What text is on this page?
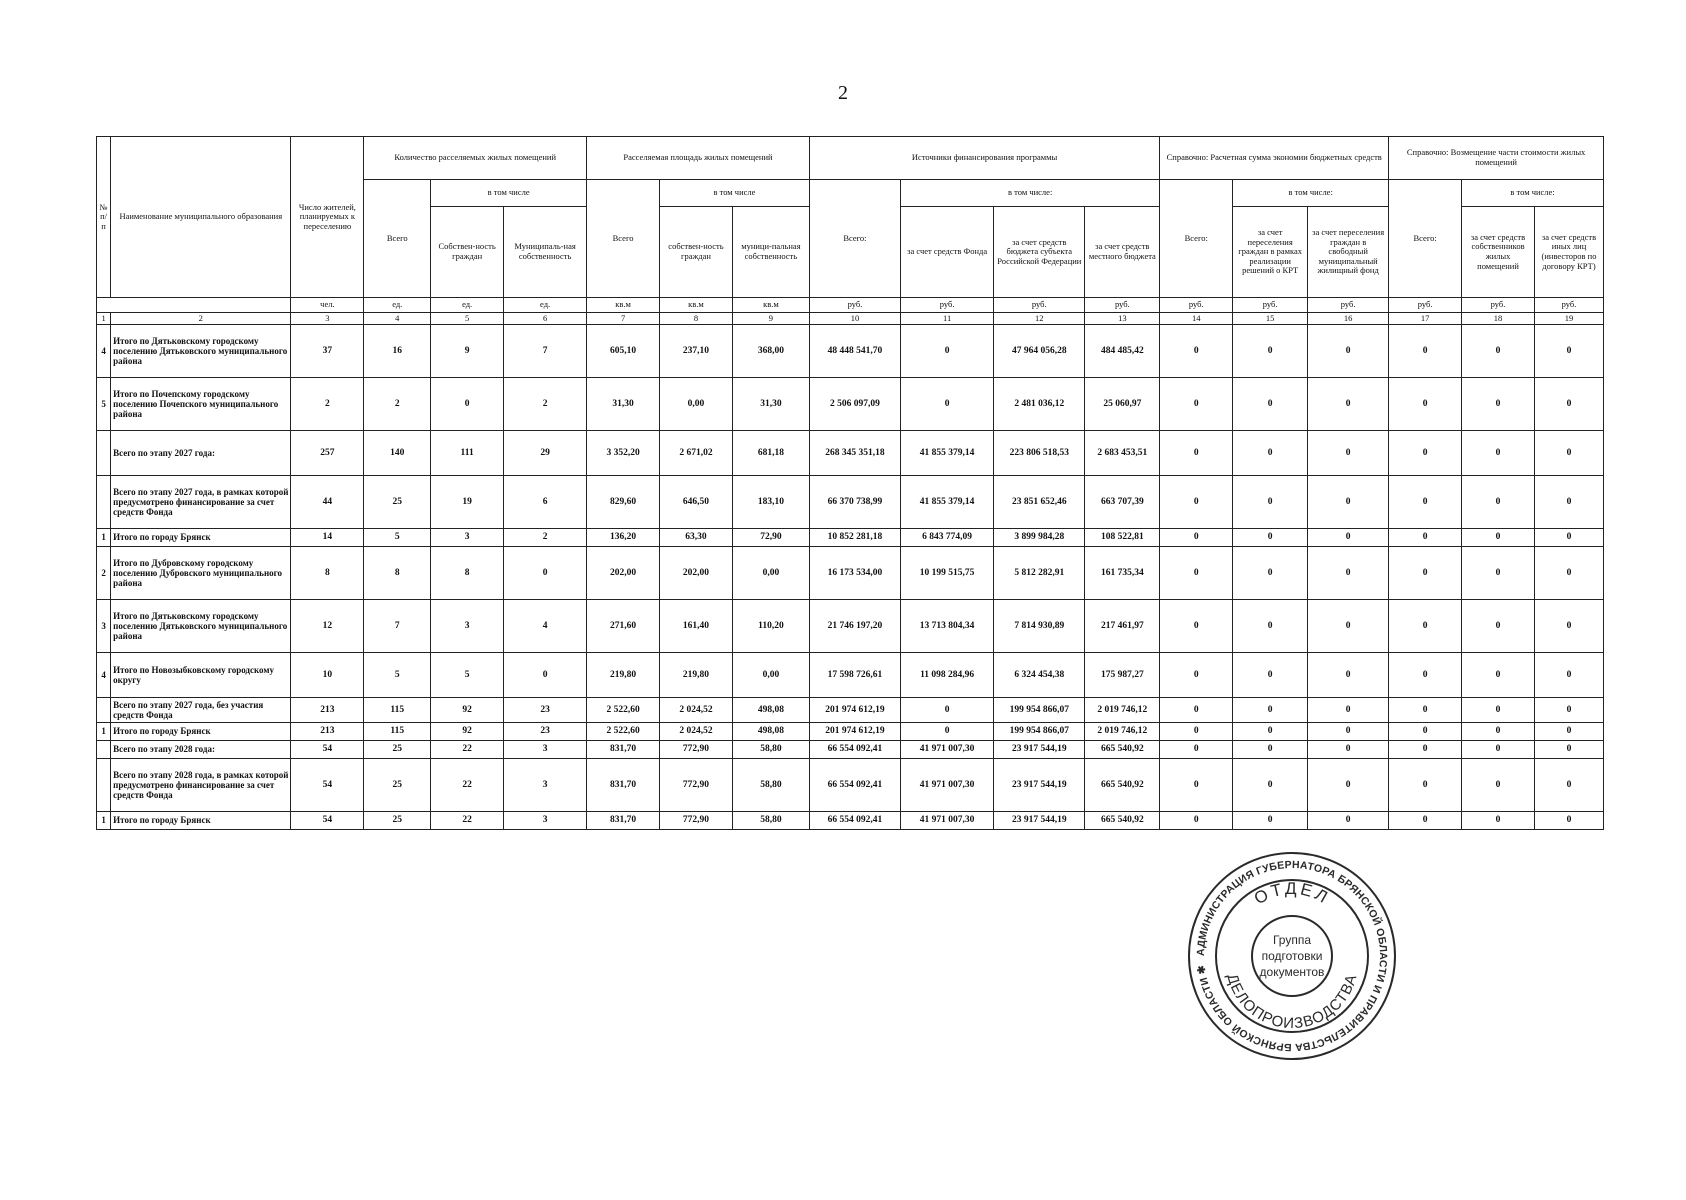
2
№ п/ п	Наименование муниципального образования	Число жителей, планируемых к переселению	Количество расселяемых жилых помещений			Расселяемая площадь жилых помещений			Источники финансирования программы				Справочно: Расчетная сумма экономии бюджетных средств			Справочно: Возмещение части стоимости жилых помещений		
			Всего	в том числе		Всего	в том числе		Всего:	в том числе:			Всего:	в том числе:		Всего:	в том числе:	
				Собствен-ность граждан	Муниципаль-ная собственность		собствен-ность граждан	муници-пальная собственность		за счет средств Фонда	за счет средств бюджета субъекта Российской Федерации	за счет средств местного бюджета		за счет переселения граждан в рамках реализации решений о КРТ	за счет переселения граждан в свободный муниципальный жилищный фонд		за счет средств собственников жилых помещений	за счет средств иных лиц (инвесторов по договору КРТ)
		чел.	ед.	ед.	ед.	кв.м	кв.м	кв.м	руб.	руб.	руб.	руб.	руб.	руб.	руб.	руб.	руб.	руб.
1	2	3	4	5	6	7	8	9	10	11	12	13	14	15	16	17	18	19
4	Итого по Дятьковскому городскому поселению Дятьковского муниципального района	37	16	9	7	605,10	237,10	368,00	48 448 541,70	0	47 964 056,28	484 485,42	0	0	0	0	0	0
5	Итого по Почепскому городскому поселению Почепского муниципального района	2	2	0	2	31,30	0,00	31,30	2 506 097,09	0	2 481 036,12	25 060,97	0	0	0	0	0	0
	Всего по этапу 2027 года:	257	140	111	29	3 352,20	2 671,02	681,18	268 345 351,18	41 855 379,14	223 806 518,53	2 683 453,51	0	0	0	0	0	0
	Всего по этапу 2027 года, в рамках которой предусмотрено финансирование за счет средств Фонда	44	25	19	6	829,60	646,50	183,10	66 370 738,99	41 855 379,14	23 851 652,46	663 707,39	0	0	0	0	0	0
1	Итого по городу Брянск	14	5	3	2	136,20	63,30	72,90	10 852 281,18	6 843 774,09	3 899 984,28	108 522,81	0	0	0	0	0	0
2	Итого по Дубровскому городскому поселению Дубровского муниципального района	8	8	8	0	202,00	202,00	0,00	16 173 534,00	10 199 515,75	5 812 282,91	161 735,34	0	0	0	0	0	0
3	Итого по Дятьковскому городскому поселению Дятьковского муниципального района	12	7	3	4	271,60	161,40	110,20	21 746 197,20	13 713 804,34	7 814 930,89	217 461,97	0	0	0	0	0	0
4	Итого по Новозыбковскому городскому округу	10	5	5	0	219,80	219,80	0,00	17 598 726,61	11 098 284,96	6 324 454,38	175 987,27	0	0	0	0	0	0
	Всего по этапу 2027 года, без участия средств Фонда	213	115	92	23	2 522,60	2 024,52	498,08	201 974 612,19	0	199 954 866,07	2 019 746,12	0	0	0	0	0	0
1	Итого по городу Брянск	213	115	92	23	2 522,60	2 024,52	498,08	201 974 612,19	0	199 954 866,07	2 019 746,12	0	0	0	0	0	0
	Всего по этапу 2028 года:	54	25	22	3	831,70	772,90	58,80	66 554 092,41	41 971 007,30	23 917 544,19	665 540,92	0	0	0	0	0	0
	Всего по этапу 2028 года, в рамках которой предусмотрено финансирование за счет средств Фонда	54	25	22	3	831,70	772,90	58,80	66 554 092,41	41 971 007,30	23 917 544,19	665 540,92	0	0	0	0	0	0
1	Итого по городу Брянск	54	25	22	3	831,70	772,90	58,80	66 554 092,41	41 971 007,30	23 917 544,19	665 540,92	0	0	0	0	0	0
АДМИНИСТРАЦИЯ ГУБЕРНАТОРА БРЯНСКОЙ ОБЛАСТИ И ПРАВИТЕЛЬСТВА БРЯНСКОЙ ОБЛАСТИ ✱
ОТДЕЛ
ДЕЛОПРОИЗВОДСТВА
Группа
подготовки
документов
